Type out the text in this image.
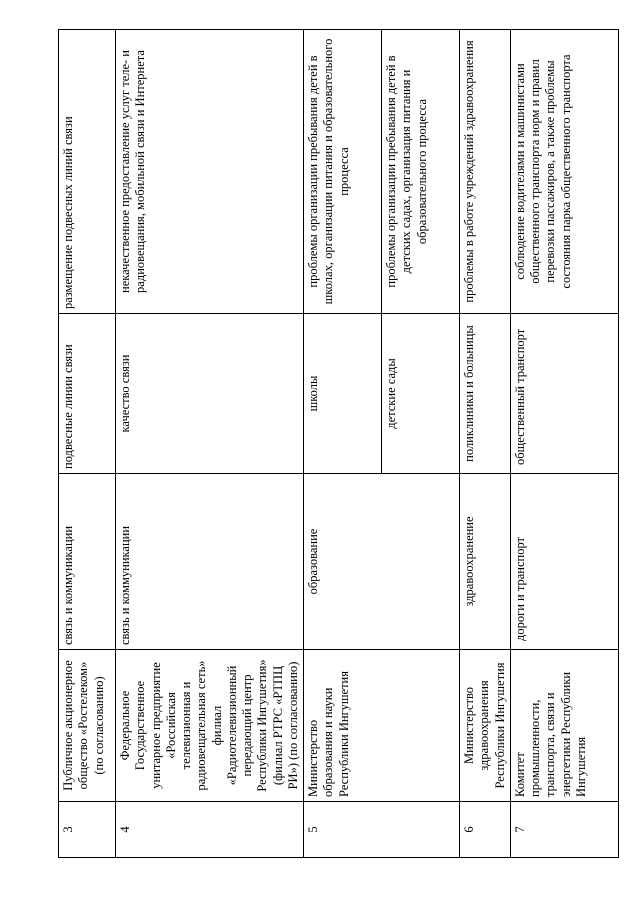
3	Публичное акционерное общество «Ростелеком» (по согласованию)	связь и коммуникации	подвесные линии связи	размещение подвесных линий связи
4	Федеральное Государственное унитарное предприятие «Российская телевизионная и радиовещательная сеть» филиал «Радиотелевизионный передающий центр Республики Ингушетия» (филиал РТРС «РТПЦ РИ») (по согласованию)	связь и коммуникации	качество связи	некачественное предоставление услуг теле- и радиовещания, мобильной связи и Интернета
5	Министерство образования и науки Республики Ингушетия	образование	школы	проблемы организации пребывания детей в школах, организации питания и образовательного процесса
			детские сады	проблемы организации пребывания детей в детских садах, организация питания и образовательного процесса
6	Министерство здравоохранения Республики Ингушетия	здравоохранение	поликлиники и больницы	проблемы в работе учреждений здравоохранения
7	Комитет промышленности, транспорта, связи и энергетики Республики Ингушетия	дороги и транспорт	общественный транспорт	соблюдение водителями и машинистами общественного транспорта норм и правил перевозки пассажиров, а также проблемы состояния парка общественного транспорта
